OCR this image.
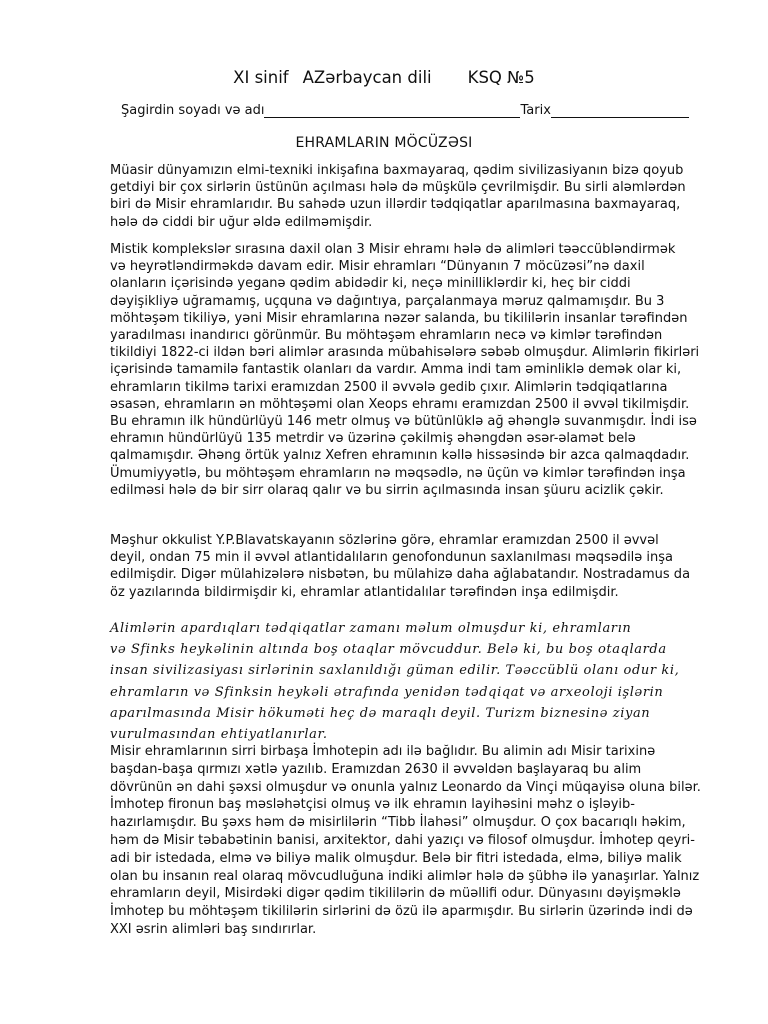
XI sinif AZərbaycan dili KSQ №5
Şagirdin soyadı və adı	Tarix
EHRAMLARIN MÖCÜZƏSI

Müasir dünyamızın elmi-texniki inkişafına baxmayaraq, qədim sivilizasiyanın bizə qoyub
getdiyi bir çox sirlərin üstünün açılması hələ də müşkülə çevrilmişdir. Bu sirli aləmlərdən
biri də Misir ehramlarıdır. Bu sahədə uzun illərdir tədqiqatlar aparılmasına baxmayaraq,
hələ də ciddi bir uğur əldə edilməmişdir.

Mistik komplekslər sırasına daxil olan 3 Misir ehramı hələ də alimləri təəccübləndirmək
və heyrətləndirməkdə davam edir. Misir ehramları “Dünyanın 7 möcüzəsi”nə daxil
olanların içərisində yeganə qədim abidədir ki, neçə minilliklərdir ki, heç bir ciddi
dəyişikliyə uğramamış, uçquna və dağıntıya, parçalanmaya məruz qalmamışdır. Bu 3
möhtəşəm tikiliyə, yəni Misir ehramlarına nəzər salanda, bu tikililərin insanlar tərəfindən
yaradılması inandırıcı görünmür. Bu möhtəşəm ehramların necə və kimlər tərəfindən
tikildiyi 1822-ci ildən bəri alimlər arasında mübahisələrə səbəb olmuşdur. Alimlərin fikirləri
içərisində tamamilə fantastik olanları da vardır. Amma indi tam əminliklə demək olar ki,
ehramların tikilmə tarixi eramızdan 2500 il əvvələ gedib çıxır. Alimlərin tədqiqatlarına
əsasən, ehramların ən möhtəşəmi olan Xeops ehramı eramızdan 2500 il əvvəl tikilmişdir.
Bu ehramın ilk hündürlüyü 146 metr olmuş və bütünlüklə ağ əhənglə suvanmışdır. İndi isə
ehramın hündürlüyü 135 metrdir və üzərinə çəkilmiş əhəngdən əsər-əlamət belə
qalmamışdır. Əhəng örtük yalnız Xefren ehramının kəllə hissəsində bir azca qalmaqdadır.
Ümumiyyətlə, bu möhtəşəm ehramların nə məqsədlə, nə üçün və kimlər tərəfindən inşa
edilməsi hələ də bir sirr olaraq qalır və bu sirrin açılmasında insan şüuru acizlik çəkir.

Məşhur okkulist Y.P.Blavatskayanın sözlərinə görə, ehramlar eramızdan 2500 il əvvəl
deyil, ondan 75 min il əvvəl atlantidalıların genofondunun saxlanılması məqsədilə inşa
edilmişdir. Digər mülahizələrə nisbətən, bu mülahizə daha ağlabatandır. Nostradamus da
öz yazılarında bildirmişdir ki, ehramlar atlantidalılar tərəfindən inşa edilmişdir.

Alimlərin apardıqları tədqiqatlar zamanı məlum olmuşdur ki, ehramların
və Sfinks heykəlinin altında boş otaqlar mövcuddur. Belə ki, bu boş otaqlarda
insan sivilizasiyası sirlərinin saxlanıldığı güman edilir. Təəccüblü olanı odur ki,
ehramların və Sfinksin heykəli ətrafında yenidən tədqiqat və arxeoloji işlərin
aparılmasında Misir hökuməti heç də maraqlı deyil. Turizm biznesinə ziyan
vurulmasından ehtiyatlanırlar.

Misir ehramlarının sirri birbaşa İmhotepin adı ilə bağlıdır. Bu alimin adı Misir tarixinə
başdan-başa qırmızı xətlə yazılıb. Eramızdan 2630 il əvvəldən başlayaraq bu alim
dövrünün ən dahi şəxsi olmuşdur və onunla yalnız Leonardo da Vinçi müqayisə oluna bilər.
İmhotep fironun baş məsləhətçisi olmuş və ilk ehramın layihəsini məhz o işləyib-
hazırlamışdır. Bu şəxs həm də misirlilərin “Tibb İlahəsi” olmuşdur. O çox bacarıqlı həkim,
həm də Misir təbabətinin banisi, arxitektor, dahi yazıçı və filosof olmuşdur. İmhotep qeyri-
adi bir istedada, elmə və biliyə malik olmuşdur. Belə bir fitri istedada, elmə, biliyə malik
olan bu insanın real olaraq mövcudluğuna indiki alimlər hələ də şübhə ilə yanaşırlar. Yalnız
ehramların deyil, Misirdəki digər qədim tikililərin də müəllifi odur. Dünyasını dəyişməklə
İmhotep bu möhtəşəm tikililərin sirlərini də özü ilə aparmışdır. Bu sirlərin üzərində indi də
XXI əsrin alimləri baş sındırırlar.
